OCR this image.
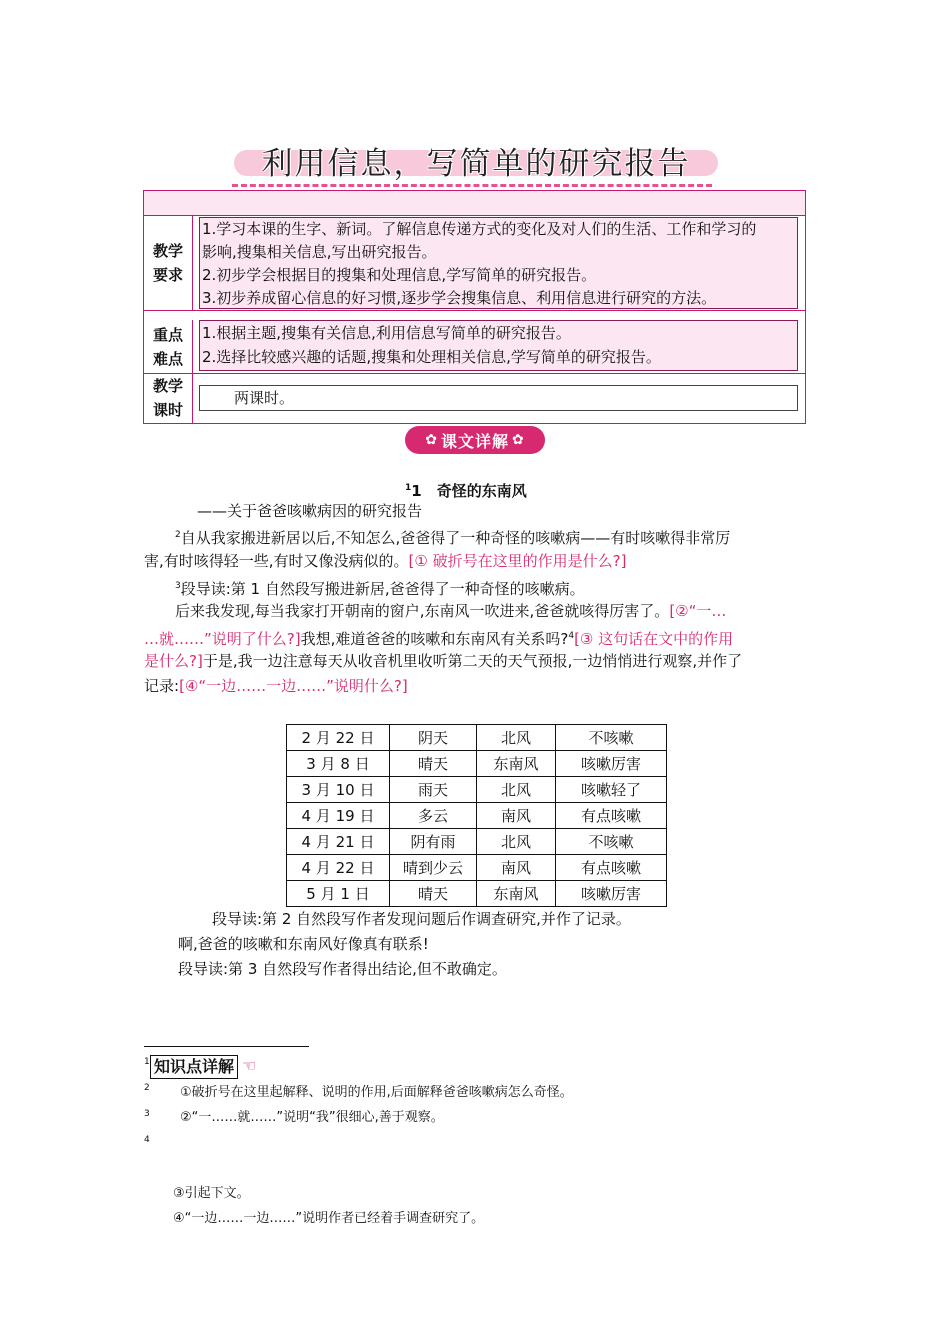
利用信息，写简单的研究报告
教学要求
1.学习本课的生字、新词。了解信息传递方式的变化及对人们的生活、工作和学习的
影响,搜集相关信息,写出研究报告。
2.初步学会根据目的搜集和处理信息,学写简单的研究报告。
3.初步养成留心信息的好习惯,逐步学会搜集信息、利用信息进行研究的方法。
重点难点
1.根据主题,搜集有关信息,利用信息写简单的研究报告。
2.选择比较感兴趣的话题,搜集和处理相关信息,学写简单的研究报告。
教学课时
两课时。
✿ 课文详解 ✿
$^1$1　奇怪的东南风
——关于爸爸咳嗽病因的研究报告
$^2$自从我家搬进新居以后,不知怎么,爸爸得了一种奇怪的咳嗽病——有时咳嗽得非常厉
害,有时咳得轻一些,有时又像没病似的。[① 破折号在这里的作用是什么?]
$^3$段导读:第 1 自然段写搬进新居,爸爸得了一种奇怪的咳嗽病。
后来我发现,每当我家打开朝南的窗户,东南风一吹进来,爸爸就咳得厉害了。[②“一…
…就……”说明了什么?]我想,难道爸爸的咳嗽和东南风有关系吗?$^4$[③ 这句话在文中的作用
是什么?]于是,我一边注意每天从收音机里收听第二天的天气预报,一边悄悄进行观察,并作了
记录:[④“一边……一边……”说明什么?]
2 月 22 日	阴天	北风	不咳嗽
3 月 8 日	晴天	东南风	咳嗽厉害
3 月 10 日	雨天	北风	咳嗽轻了
4 月 19 日	多云	南风	有点咳嗽
4 月 21 日	阴有雨	北风	不咳嗽
4 月 22 日	晴到少云	南风	有点咳嗽
5 月 1 日	晴天	东南风	咳嗽厉害
段导读:第 2 自然段写作者发现问题后作调查研究,并作了记录。
啊,爸爸的咳嗽和东南风好像真有联系!
段导读:第 3 自然段写作者得出结论,但不敢确定。
1 知识点详解 ☜
2 ①破折号在这里起解释、说明的作用,后面解释爸爸咳嗽病怎么奇怪。
3 ②“一……就……”说明“我”很细心,善于观察。
4
③引起下文。
④“一边……一边……”说明作者已经着手调查研究了。
